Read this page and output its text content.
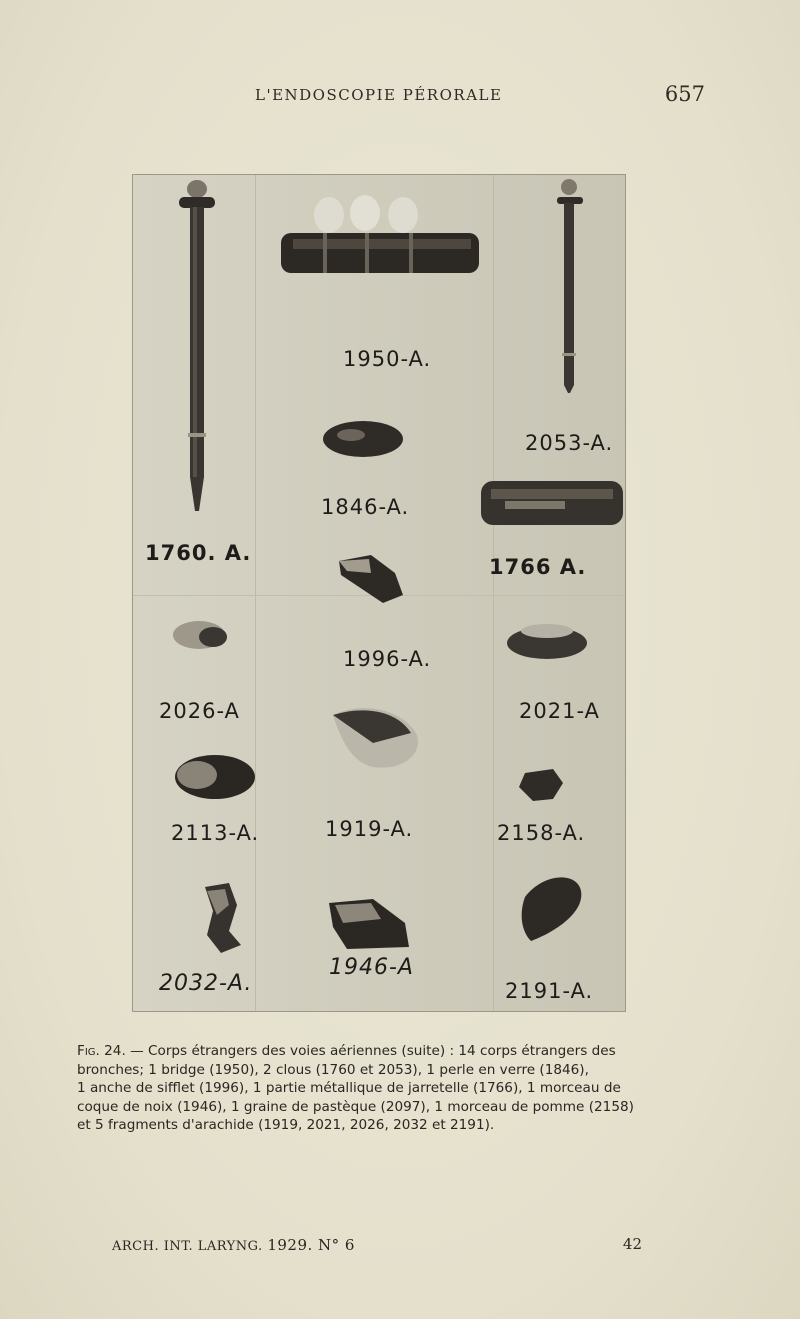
L'ENDOSCOPIE PÉRORALE	657
1950-A.
2053-A.
1846-A.
1760. A.
1766 A.
1996-A.
2026-A	2021-A
2113-A.	1919-A.	2158-A.
2032-A.
1946-A
2191-A.
Fig. 24. — Corps étrangers des voies aériennes (suite) : 14 corps étrangers des
bronches; 1 bridge (1950), 2 clous (1760 et 2053), 1 perle en verre (1846),
1 anche de sifflet (1996), 1 partie métallique de jarretelle (1766), 1 morceau de
coque de noix (1946), 1 graine de pastèque (2097), 1 morceau de pomme (2158)
et 5 fragments d'arachide (1919, 2021, 2026, 2032 et 2191).
ARCH. INT. LARYNG. 1929. N° 6	42
